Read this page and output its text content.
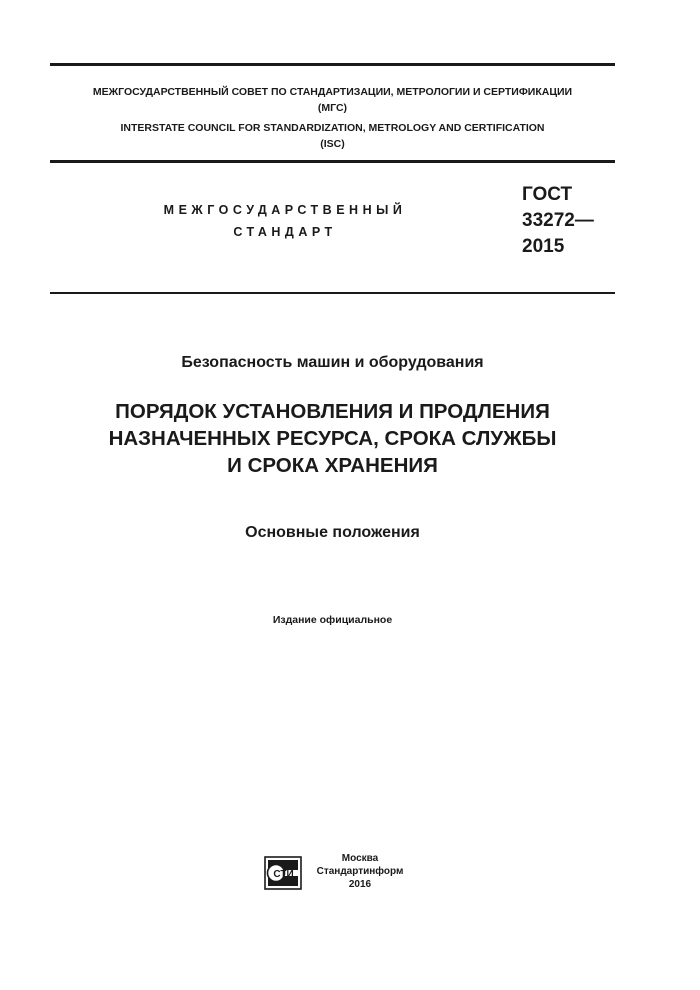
МЕЖГОСУДАРСТВЕННЫЙ СОВЕТ ПО СТАНДАРТИЗАЦИИ, МЕТРОЛОГИИ И СЕРТИФИКАЦИИ
(МГС)
INTERSTATE COUNCIL FOR STANDARDIZATION, METROLOGY AND CERTIFICATION
(ISC)
МЕЖГОСУДАРСТВЕННЫЙ
СТАНДАРТ
ГОСТ
33272—
2015
Безопасность машин и оборудования
ПОРЯДОК УСТАНОВЛЕНИЯ И ПРОДЛЕНИЯ
НАЗНАЧЕННЫХ РЕСУРСА, СРОКА СЛУЖБЫ
И СРОКА ХРАНЕНИЯ
Основные положения
Издание официальное
СТИ
Москва
Стандартинформ
2016
